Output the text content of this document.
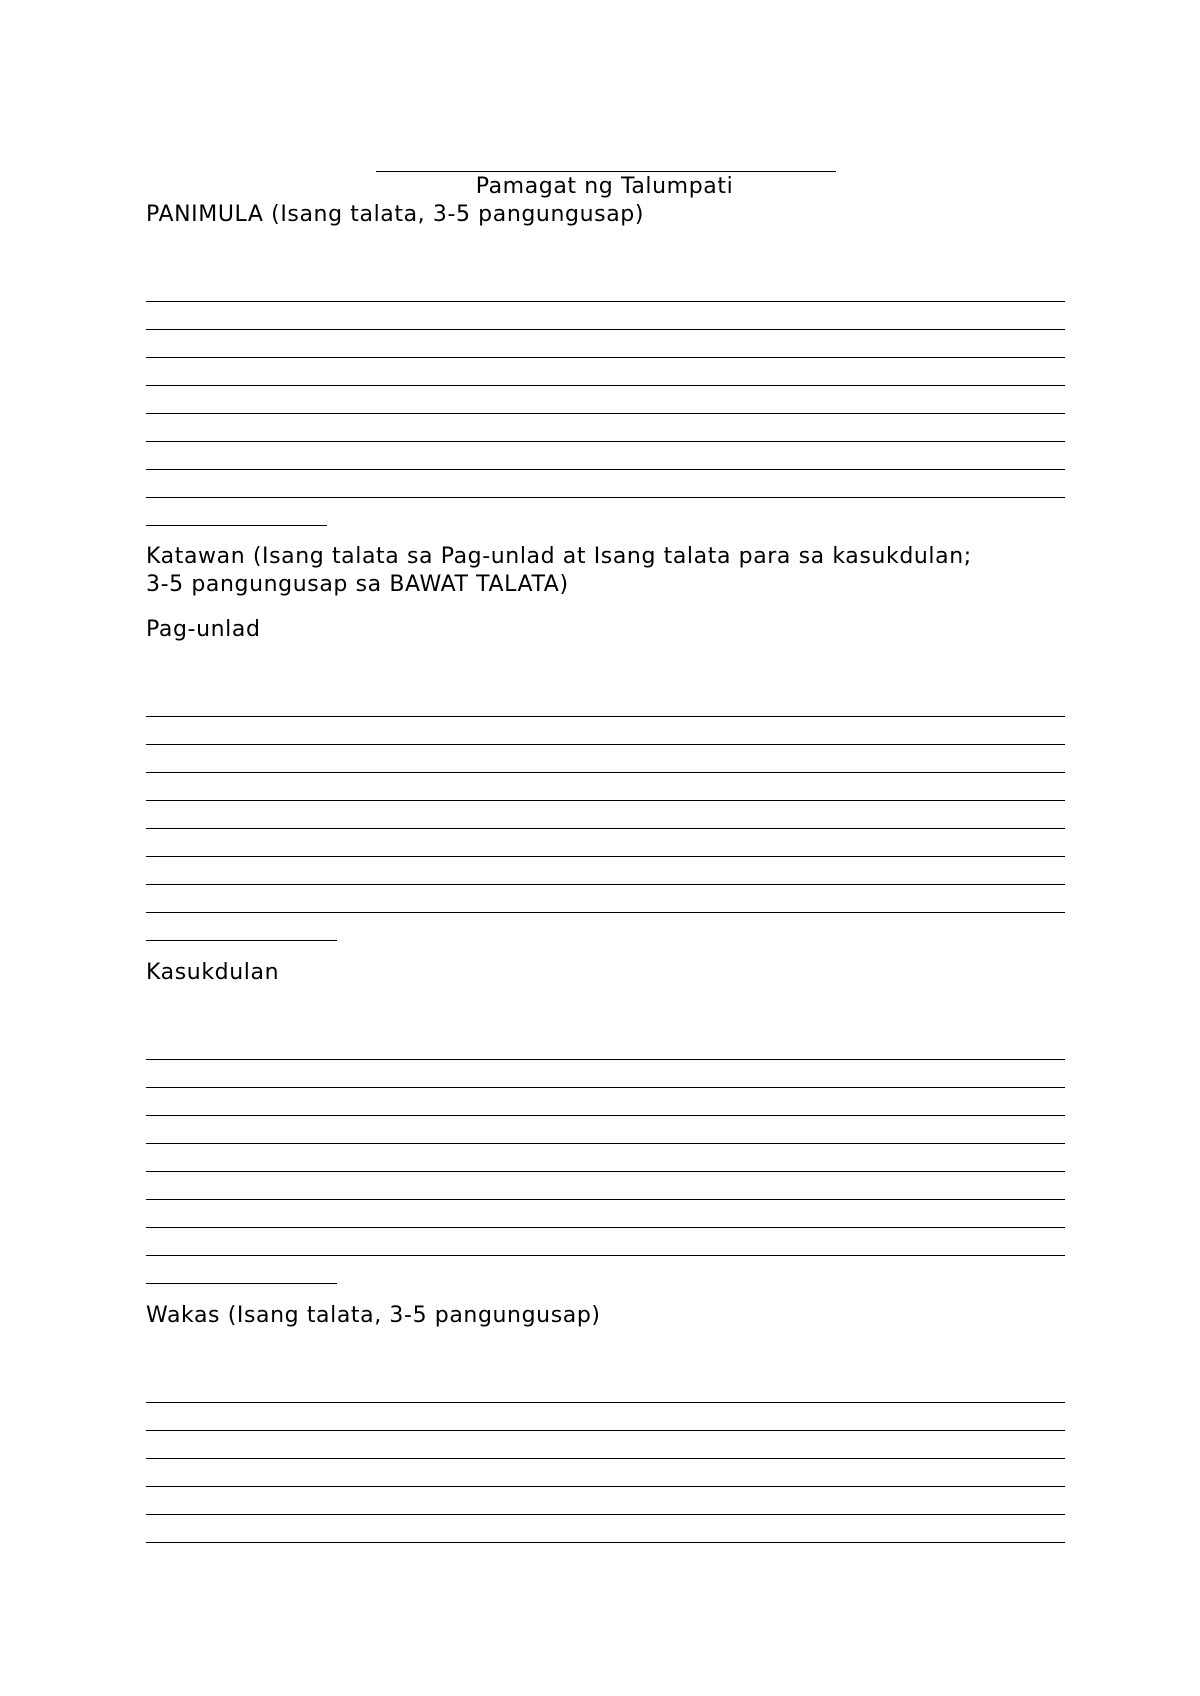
Pamagat ng Talumpati
PANIMULA (Isang talata, 3-5 pangungusap)
Katawan (Isang talata sa Pag-unlad at Isang talata para sa kasukdulan;
3-5 pangungusap sa BAWAT TALATA)
Pag-unlad
Kasukdulan
Wakas (Isang talata, 3-5 pangungusap)
